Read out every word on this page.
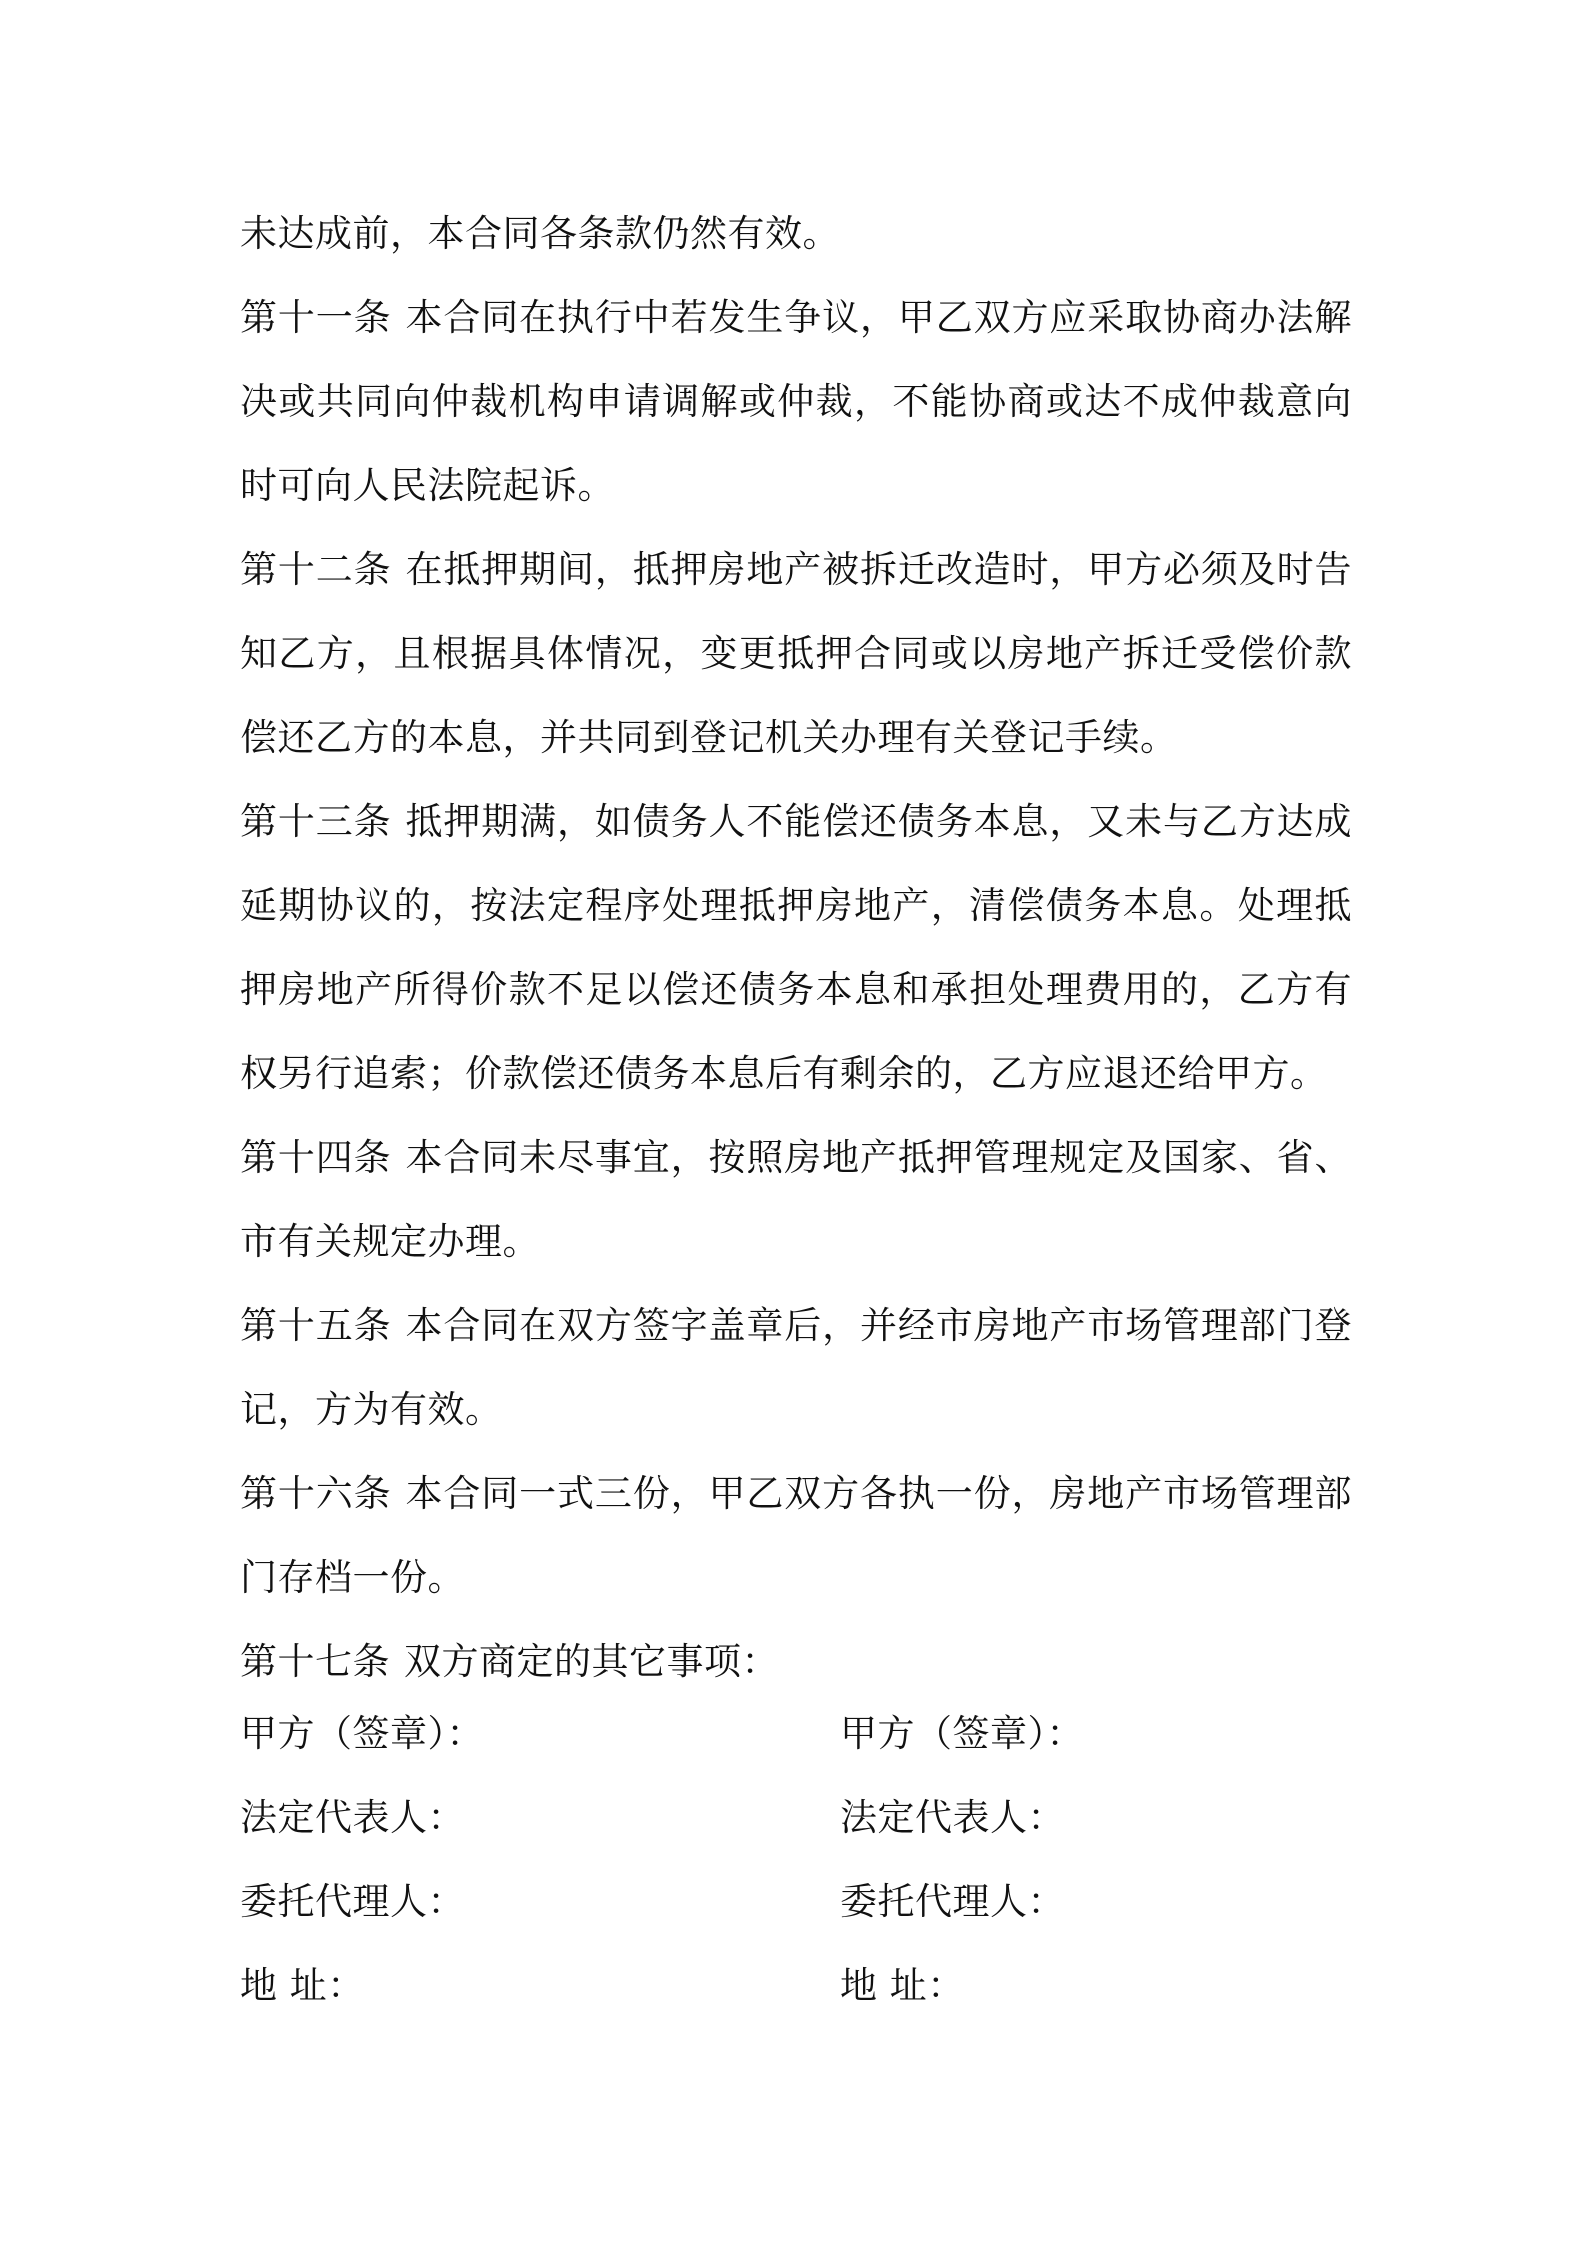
未达成前，本合同各条款仍然有效。

第十一条 本合同在执行中若发生争议，甲乙双方应采取协商办法解决或共同向仲裁机构申请调解或仲裁，不能协商或达不成仲裁意向时可向人民法院起诉。

第十二条 在抵押期间，抵押房地产被拆迁改造时，甲方必须及时告知乙方，且根据具体情况，变更抵押合同或以房地产拆迁受偿价款偿还乙方的本息，并共同到登记机关办理有关登记手续。

第十三条 抵押期满，如债务人不能偿还债务本息，又未与乙方达成延期协议的，按法定程序处理抵押房地产，清偿债务本息。处理抵押房地产所得价款不足以偿还债务本息和承担处理费用的，乙方有权另行追索；价款偿还债务本息后有剩余的，乙方应退还给甲方。

第十四条 本合同未尽事宜，按照房地产抵押管理规定及国家、省、市有关规定办理。

第十五条 本合同在双方签字盖章后，并经市房地产市场管理部门登记，方为有效。

第十六条 本合同一式三份，甲乙双方各执一份，房地产市场管理部门存档一份。

第十七条 双方商定的其它事项：

甲方（签章）：	甲方（签章）：
法定代表人：	法定代表人：
委托代理人：	委托代理人：
地 址：	地 址：
